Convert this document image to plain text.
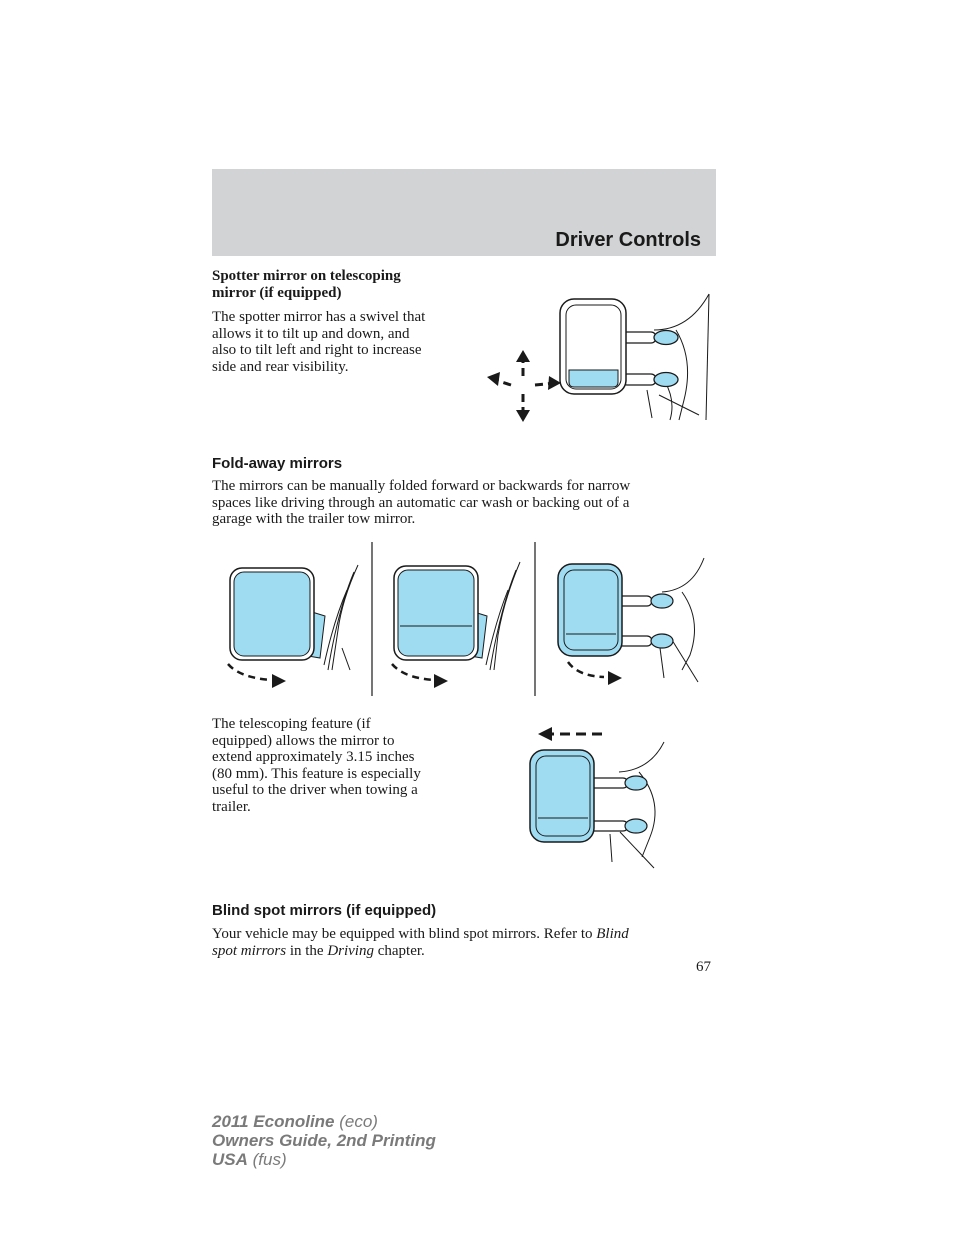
Driver Controls

Spotter mirror on telescoping
mirror (if equipped)

The spotter mirror has a swivel that
allows it to tilt up and down, and
also to tilt left and right to increase
side and rear visibility.

Fold-away mirrors

The mirrors can be manually folded forward or backwards for narrow
spaces like driving through an automatic car wash or backing out of a
garage with the trailer tow mirror.

The telescoping feature (if
equipped) allows the mirror to
extend approximately 3.15 inches
(80 mm). This feature is especially
useful to the driver when towing a
trailer.

Blind spot mirrors (if equipped)

Your vehicle may be equipped with blind spot mirrors. Refer to Blind
spot mirrors in the Driving chapter.

67
2011 Econoline (eco)
Owners Guide, 2nd Printing
USA (fus)
